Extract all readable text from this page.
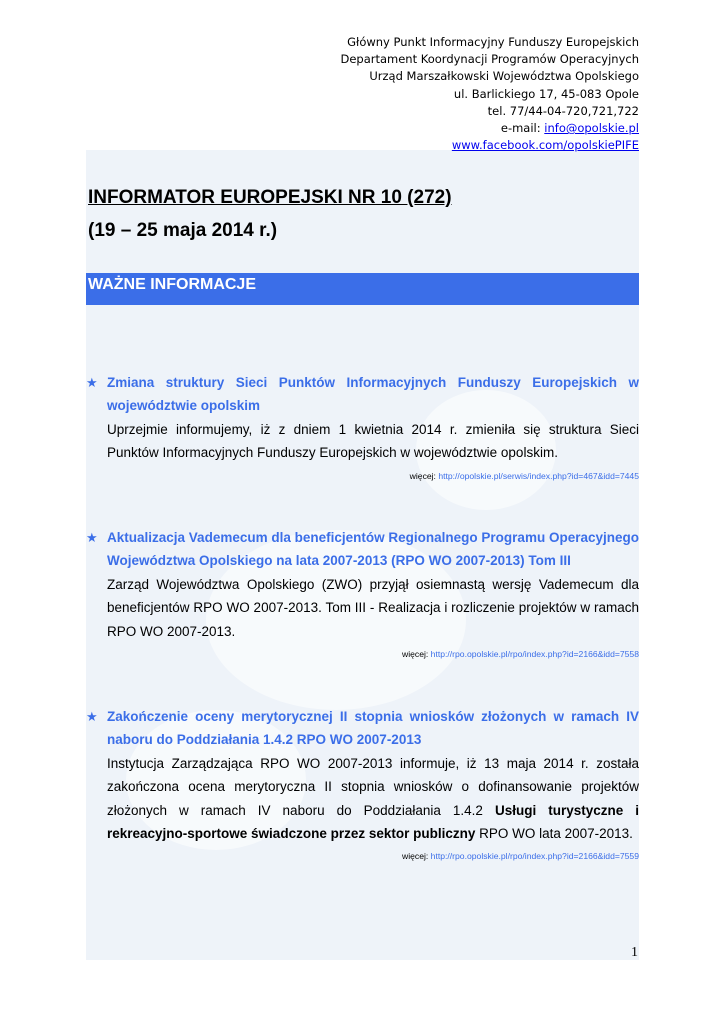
Główny Punkt Informacyjny Funduszy Europejskich
Departament Koordynacji Programów Operacyjnych
Urząd Marszałkowski Województwa Opolskiego
ul. Barlickiego 17, 45-083 Opole
tel. 77/44-04-720,721,722
e-mail: info@opolskie.pl
www.facebook.com/opolskiePIFE
INFORMATOR EUROPEJSKI NR 10 (272)
(19 – 25 maja 2014 r.)
WAŻNE INFORMACJE
★ Zmiana struktury Sieci Punktów Informacyjnych Funduszy Europejskich w województwie opolskim
Uprzejmie informujemy, iż z dniem 1 kwietnia 2014 r. zmieniła się struktura Sieci Punktów Informacyjnych Funduszy Europejskich w województwie opolskim.
więcej: http://opolskie.pl/serwis/index.php?id=467&idd=7445
★ Aktualizacja Vademecum dla beneficjentów Regionalnego Programu Operacyjnego Województwa Opolskiego na lata 2007-2013 (RPO WO 2007-2013) Tom III
Zarząd Województwa Opolskiego (ZWO) przyjął osiemnastą wersję Vademecum dla beneficjentów RPO WO 2007-2013. Tom III - Realizacja i rozliczenie projektów w ramach RPO WO 2007-2013.
więcej: http://rpo.opolskie.pl/rpo/index.php?id=2166&idd=7558
★ Zakończenie oceny merytorycznej II stopnia wniosków złożonych w ramach IV naboru do Poddziałania 1.4.2 RPO WO 2007-2013
Instytucja Zarządzająca RPO WO 2007-2013 informuje, iż 13 maja 2014 r. została zakończona ocena merytoryczna II stopnia wniosków o dofinansowanie projektów złożonych w ramach IV naboru do Poddziałania 1.4.2 Usługi turystyczne i rekreacyjno-sportowe świadczone przez sektor publiczny RPO WO lata 2007-2013.
więcej: http://rpo.opolskie.pl/rpo/index.php?id=2166&idd=7559
1
